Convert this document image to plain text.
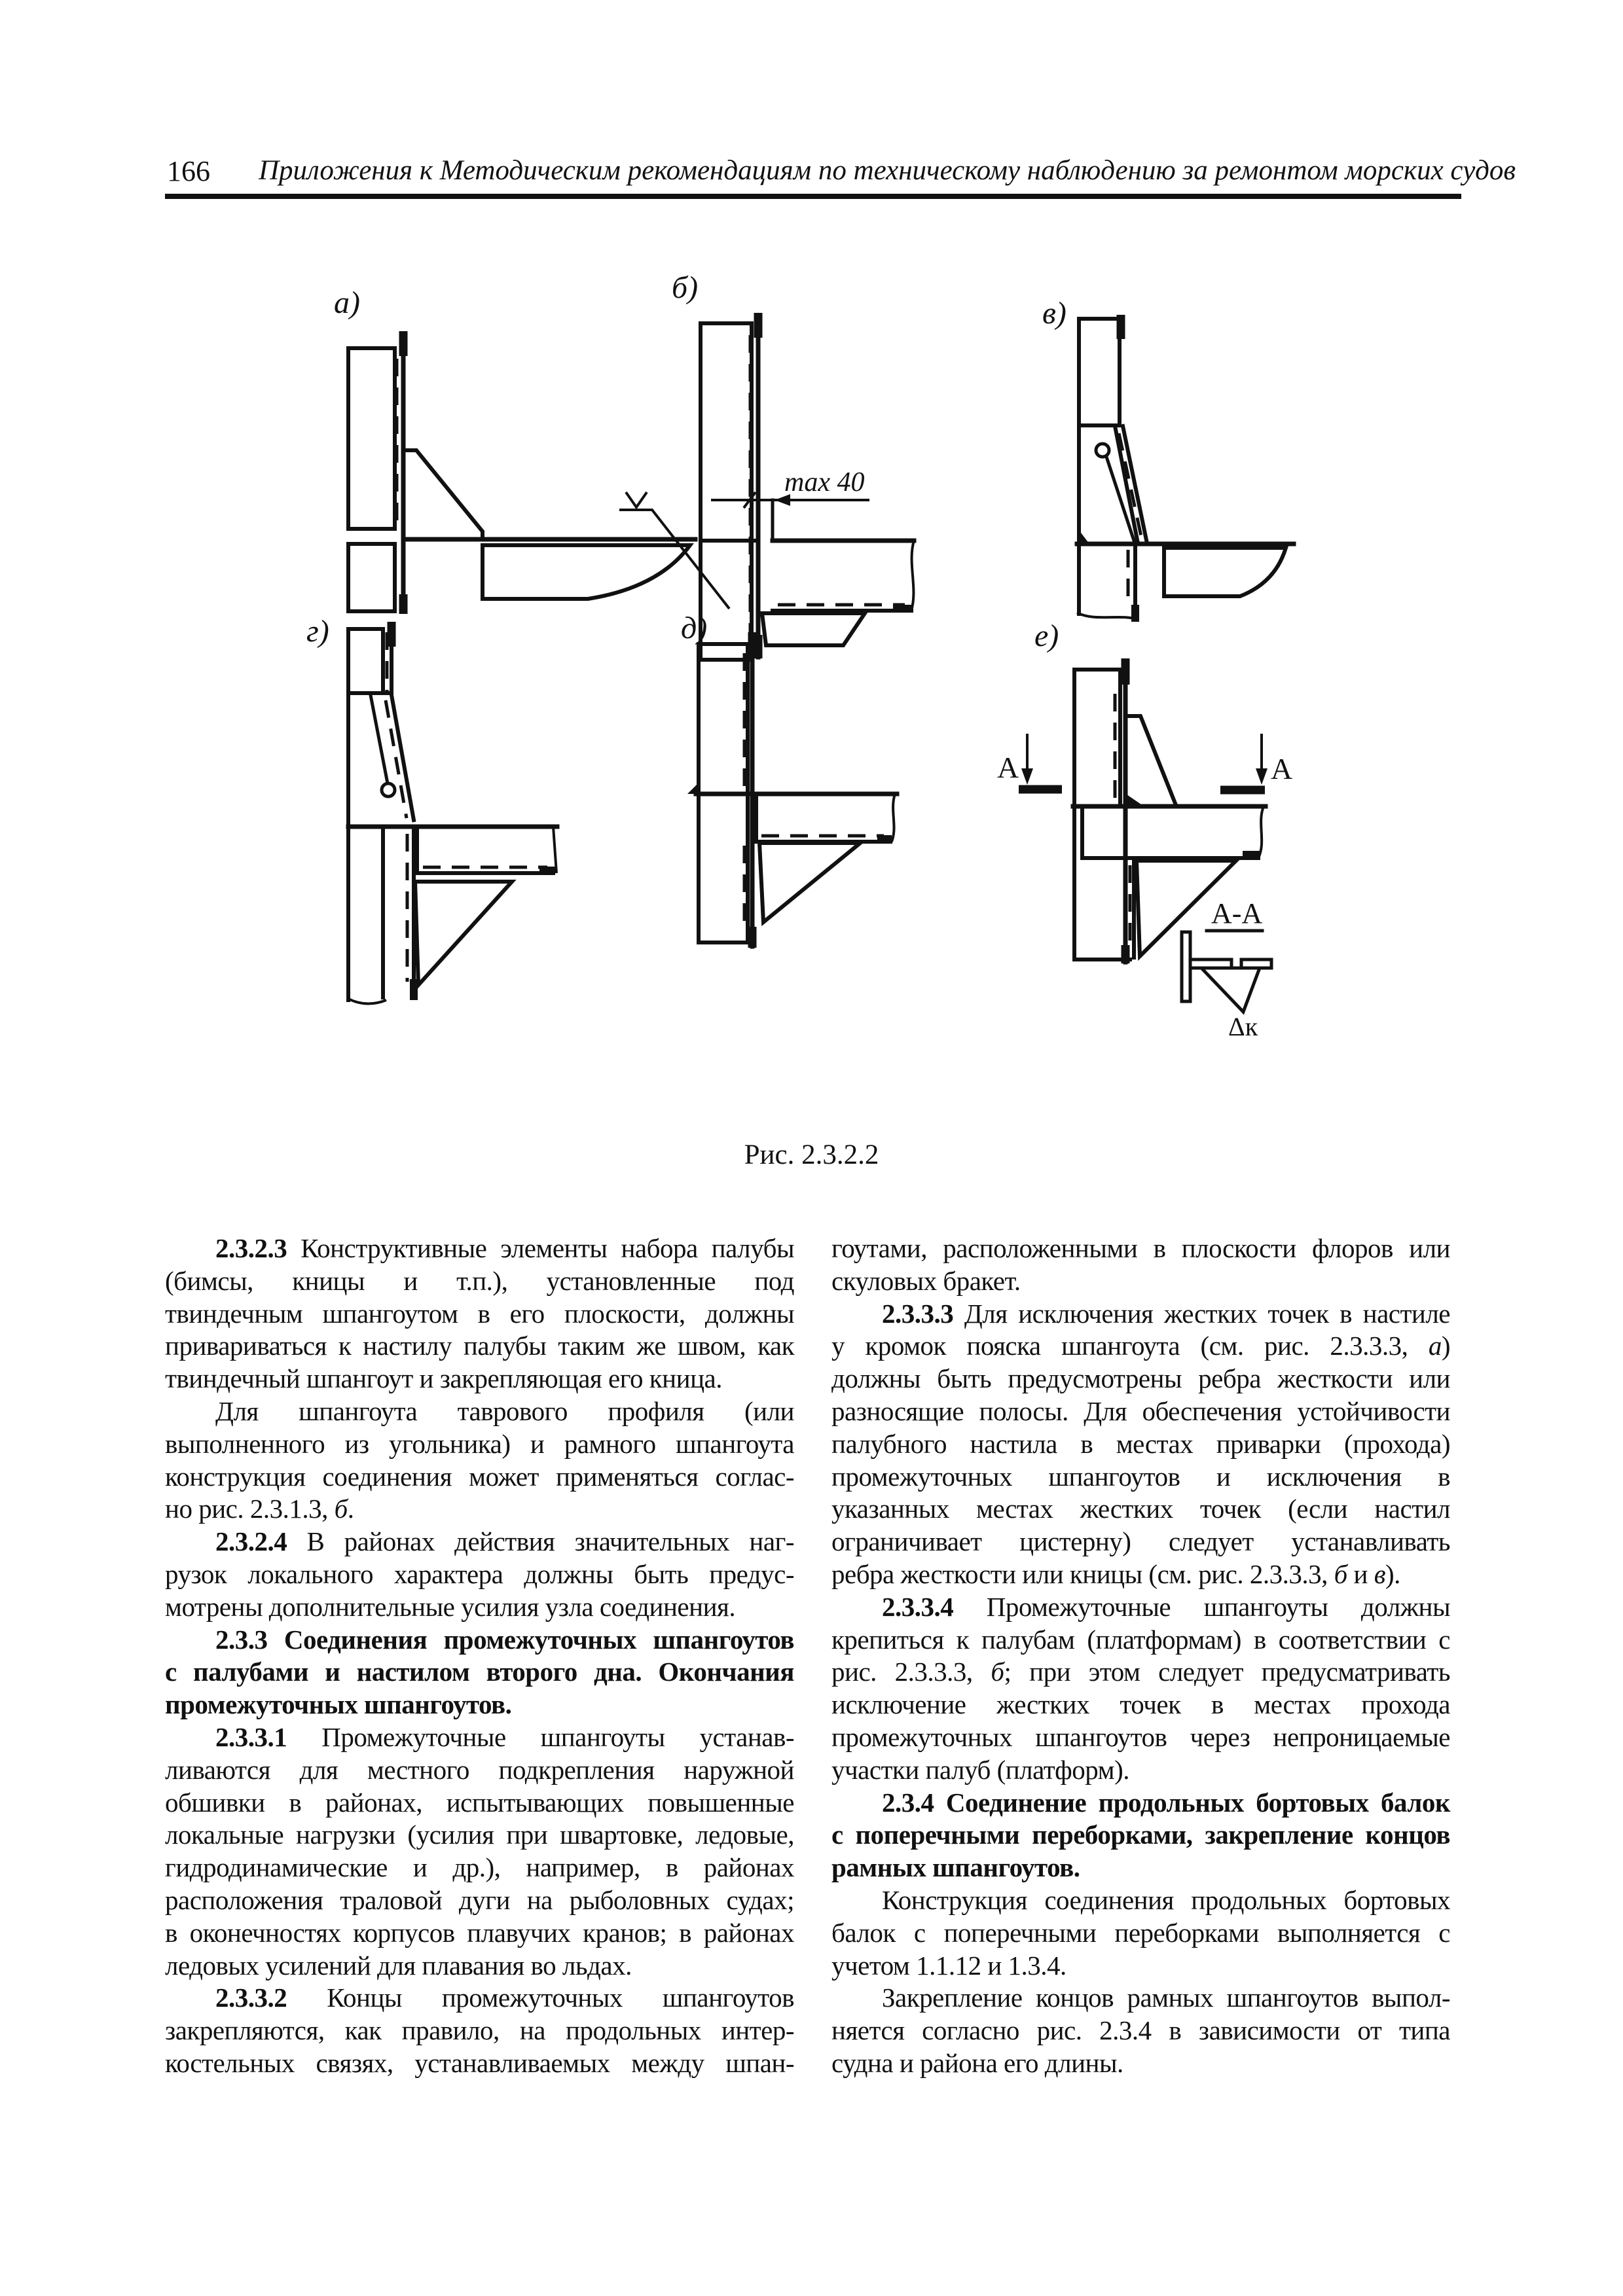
166 Приложения к Методическим рекомендациям по техническому наблюдению за ремонтом морских судов
а)	б)
max 40
в)
г)	д)	е)
А	А
А-А
Δк
Рис. 2.3.2.2
2.3.2.3 Конструктивные элементы набора палубы
(бимсы, кницы и т.п.), установленные под
твиндечным шпангоутом в его плоскости, должны
привариваться к настилу палубы таким же швом, как
твиндечный шпангоут и закрепляющая его кница.
Для шпангоута таврового профиля (или
выполненного из угольника) и рамного шпангоута
конструкция соединения может применяться соглас-
но рис. 2.3.1.3, б.
2.3.2.4 В районах действия значительных наг-
рузок локального характера должны быть предус-
мотрены дополнительные усилия узла соединения.
2.3.3 Соединения промежуточных шпангоутов
с палубами и настилом второго дна. Окончания
промежуточных шпангоутов.
2.3.3.1 Промежуточные шпангоуты устанав-
ливаются для местного подкрепления наружной
обшивки в районах, испытывающих повышенные
локальные нагрузки (усилия при швартовке, ледовые,
гидродинамические и др.), например, в районах
расположения траловой дуги на рыболовных судах;
в оконечностях корпусов плавучих кранов; в районах
ледовых усилений для плавания во льдах.
2.3.3.2 Концы промежуточных шпангоутов
закрепляются, как правило, на продольных интер-
костельных связях, устанавливаемых между шпан-
гоутами, расположенными в плоскости флоров или
скуловых бракет.
2.3.3.3 Для исключения жестких точек в настиле
у кромок пояска шпангоута (см. рис. 2.3.3.3, а)
должны быть предусмотрены ребра жесткости или
разносящие полосы. Для обеспечения устойчивости
палубного настила в местах приварки (прохода)
промежуточных шпангоутов и исключения в
указанных местах жестких точек (если настил
ограничивает цистерну) следует устанавливать
ребра жесткости или кницы (см. рис. 2.3.3.3, б и в).
2.3.3.4 Промежуточные шпангоуты должны
крепиться к палубам (платформам) в соответствии с
рис. 2.3.3.3, б; при этом следует предусматривать
исключение жестких точек в местах прохода
промежуточных шпангоутов через непроницаемые
участки палуб (платформ).
2.3.4 Соединение продольных бортовых балок
с поперечными переборками, закрепление концов
рамных шпангоутов.
Конструкция соединения продольных бортовых
балок с поперечными переборками выполняется с
учетом 1.1.12 и 1.3.4.
Закрепление концов рамных шпангоутов выпол-
няется согласно рис. 2.3.4 в зависимости от типа
судна и района его длины.
